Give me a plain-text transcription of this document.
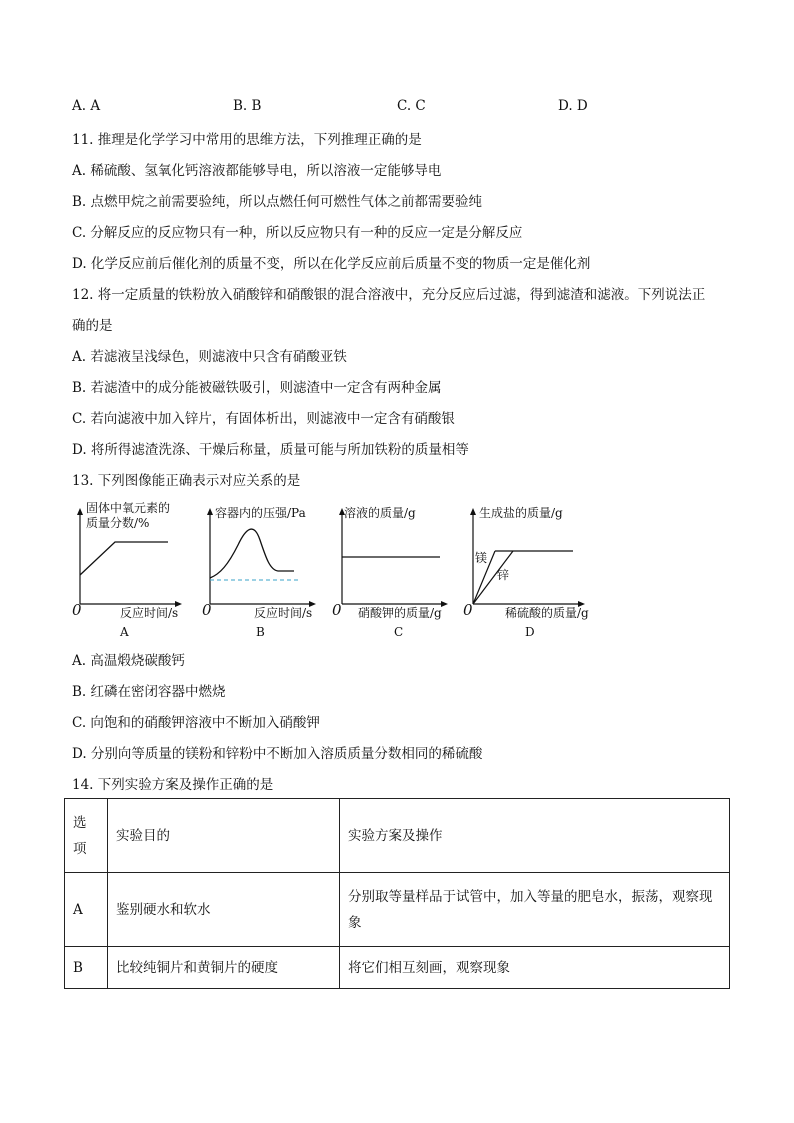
A. A	B. B	C. C	D. D
11. 推理是化学学习中常用的思维方法，下列推理正确的是
A. 稀硫酸、氢氧化钙溶液都能够导电，所以溶液一定能够导电
B. 点燃甲烷之前需要验纯，所以点燃任何可燃性气体之前都需要验纯
C. 分解反应的反应物只有一种，所以反应物只有一种的反应一定是分解反应
D. 化学反应前后催化剂的质量不变，所以在化学反应前后质量不变的物质一定是催化剂
12. 将一定质量的铁粉放入硝酸锌和硝酸银的混合溶液中，充分反应后过滤，得到滤渣和滤液。下列说法正
确的是
A. 若滤液呈浅绿色，则滤液中只含有硝酸亚铁
B. 若滤渣中的成分能被磁铁吸引，则滤渣中一定含有两种金属
C. 若向滤液中加入锌片，有固体析出，则滤液中一定含有硝酸银
D. 将所得滤渣洗涤、干燥后称量，质量可能与所加铁粉的质量相等
13. 下列图像能正确表示对应关系的是
固体中氧元素的
质量分数/%
0	反应时间/s
A
容器内的压强/Pa
0	反应时间/s
B
溶液的质量/g
0 硝酸钾的质量/g
C
生成盐的质量/g
镁
锌
0	稀硫酸的质量/g
D
A. 高温煅烧碳酸钙
B. 红磷在密闭容器中燃烧
C. 向饱和的硝酸钾溶液中不断加入硝酸钾
D. 分别向等质量的镁粉和锌粉中不断加入溶质质量分数相同的稀硫酸
14. 下列实验方案及操作正确的是
选项	实验目的	实验方案及操作
A	鉴别硬水和软水	分别取等量样品于试管中，加入等量的肥皂水，振荡，观察现象
B	比较纯铜片和黄铜片的硬度	将它们相互刻画，观察现象
